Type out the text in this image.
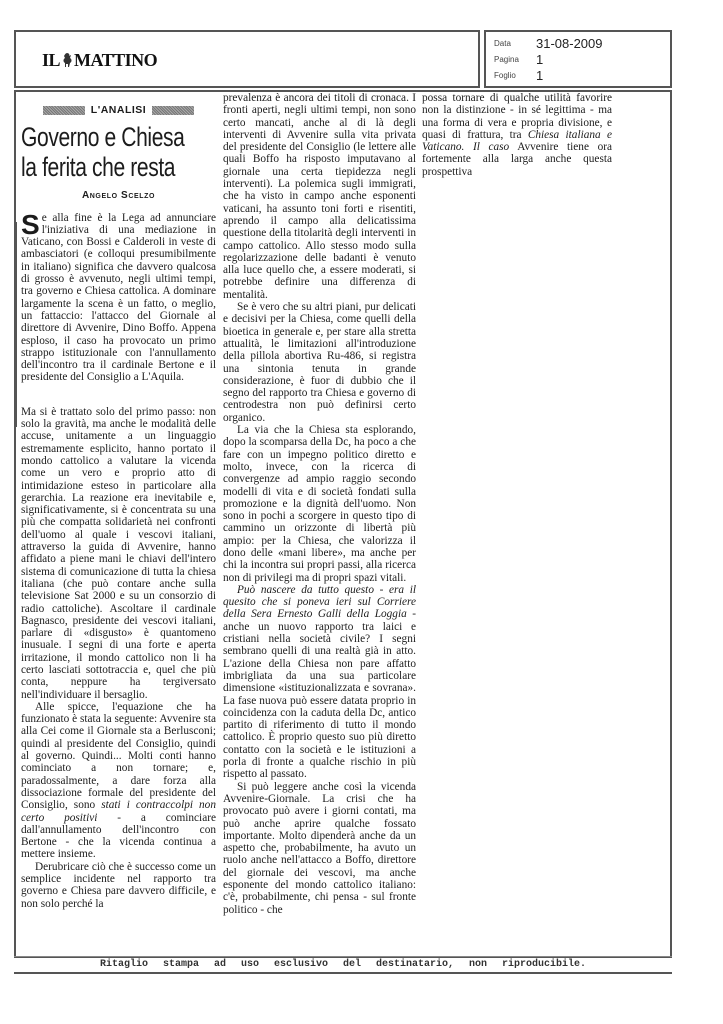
IL MATTINO
Data	31-08-2009
Pagina	1
Foglio	1
L'ANALISI
Governo e Chiesa
la ferita che resta
Angelo Scelzo

Se alla fine è la Lega ad annunciare l'iniziativa di una mediazione in Vaticano, con Bossi e Calderoli in veste di ambasciatori (e colloqui presumibilmente in italiano) significa che davvero qualcosa di grosso è avvenuto, negli ultimi tempi, tra governo e Chiesa cattolica. A dominare largamente la scena è un fatto, o meglio, un fattaccio: l'attacco del Giornale al direttore di Avvenire, Dino Boffo. Appena esploso, il caso ha provocato un primo strappo istituzionale con l'annullamento dell'incontro tra il cardinale Bertone e il presidente del Consiglio a L'Aquila.

Ma si è trattato solo del primo passo: non solo la gravità, ma anche le modalità delle accuse, unitamente a un linguaggio estremamente esplicito, hanno portato il mondo cattolico a valutare la vicenda come un vero e proprio atto di intimidazione esteso in particolare alla gerarchia. La reazione era inevitabile e, significativamente, si è concentrata su una più che compatta solidarietà nei confronti dell'uomo al quale i vescovi italiani, attraverso la guida di Avvenire, hanno affidato a piene mani le chiavi dell'intero sistema di comunicazione di tutta la chiesa italiana (che può contare anche sulla televisione Sat 2000 e su un consorzio di radio cattoliche). Ascoltare il cardinale Bagnasco, presidente dei vescovi italiani, parlare di «disgusto» è quantomeno inusuale. I segni di una forte e aperta irritazione, il mondo cattolico non li ha certo lasciati sottotraccia e, quel che più conta, neppure ha tergiversato nell'individuare il bersaglio.

Alle spicce, l'equazione che ha funzionato è stata la seguente: Avvenire sta alla Cei come il Giornale sta a Berlusconi; quindi al presidente del Consiglio, quindi al governo. Quindi... Molti conti hanno cominciato a non tornare; e, paradossalmente, a dare forza alla dissociazione formale del presidente del Consiglio, sono stati i contraccolpi non certo positivi - a cominciare dall'annullamento dell'incontro con Bertone - che la vicenda continua a mettere insieme.

Derubricare ciò che è successo come un semplice incidente nel rapporto tra governo e Chiesa pare davvero difficile, e non solo perché la

prevalenza è ancora dei titoli di cronaca. I fronti aperti, negli ultimi tempi, non sono certo mancati, anche al di là degli interventi di Avvenire sulla vita privata del presidente del Consiglio (le lettere alle quali Boffo ha risposto imputavano al giornale una certa tiepidezza negli interventi). La polemica sugli immigrati, che ha visto in campo anche esponenti vaticani, ha assunto toni forti e risentiti, aprendo il campo alla delicatissima questione della titolarità degli interventi in campo cattolico. Allo stesso modo sulla regolarizzazione delle badanti è venuto alla luce quello che, a essere moderati, si potrebbe definire una differenza di mentalità.

Se è vero che su altri piani, pur delicati e decisivi per la Chiesa, come quelli della bioetica in generale e, per stare alla stretta attualità, le limitazioni all'introduzione della pillola abortiva Ru-486, si registra una sintonia tenuta in grande considerazione, è fuor di dubbio che il segno del rapporto tra Chiesa e governo di centrodestra non può definirsi certo organico.

La via che la Chiesa sta esplorando, dopo la scomparsa della Dc, ha poco a che fare con un impegno politico diretto e molto, invece, con la ricerca di convergenze ad ampio raggio secondo modelli di vita e di società fondati sulla promozione e la dignità dell'uomo. Non sono in pochi a scorgere in questo tipo di cammino un orizzonte di libertà più ampio: per la Chiesa, che valorizza il dono delle «mani libere», ma anche per chi la incontra sui propri passi, alla ricerca non di privilegi ma di propri spazi vitali.

Può nascere da tutto questo - era il quesito che si poneva ieri sul Corriere della Sera Ernesto Galli della Loggia - anche un nuovo rapporto tra laici e cristiani nella società civile? I segni sembrano quelli di una realtà già in atto. L'azione della Chiesa non pare affatto imbrigliata da una sua particolare dimensione «istituzionalizzata e sovrana». La fase nuova può essere datata proprio in coincidenza con la caduta della Dc, antico partito di riferimento di tutto il mondo cattolico. È proprio questo suo più diretto contatto con la società e le istituzioni a porla di fronte a qualche rischio in più rispetto al passato.

Si può leggere anche così la vicenda Avvenire-Giornale. La crisi che ha provocato può avere i giorni contati, ma può anche aprire qualche fossato importante. Molto dipenderà anche da un aspetto che, probabilmente, ha avuto un ruolo anche nell'attacco a Boffo, direttore del giornale dei vescovi, ma anche esponente del mondo cattolico italiano: c'è, probabilmente, chi pensa - sul fronte politico - che

possa tornare di qualche utilità favorire non la distinzione - in sé legittima - ma una forma di vera e propria divisione, e quasi di frattura, tra Chiesa italiana e Vaticano. Il caso Avvenire tiene ora fortemente alla larga anche questa prospettiva

Ritaglio stampa ad uso esclusivo del destinatario, non riproducibile.
